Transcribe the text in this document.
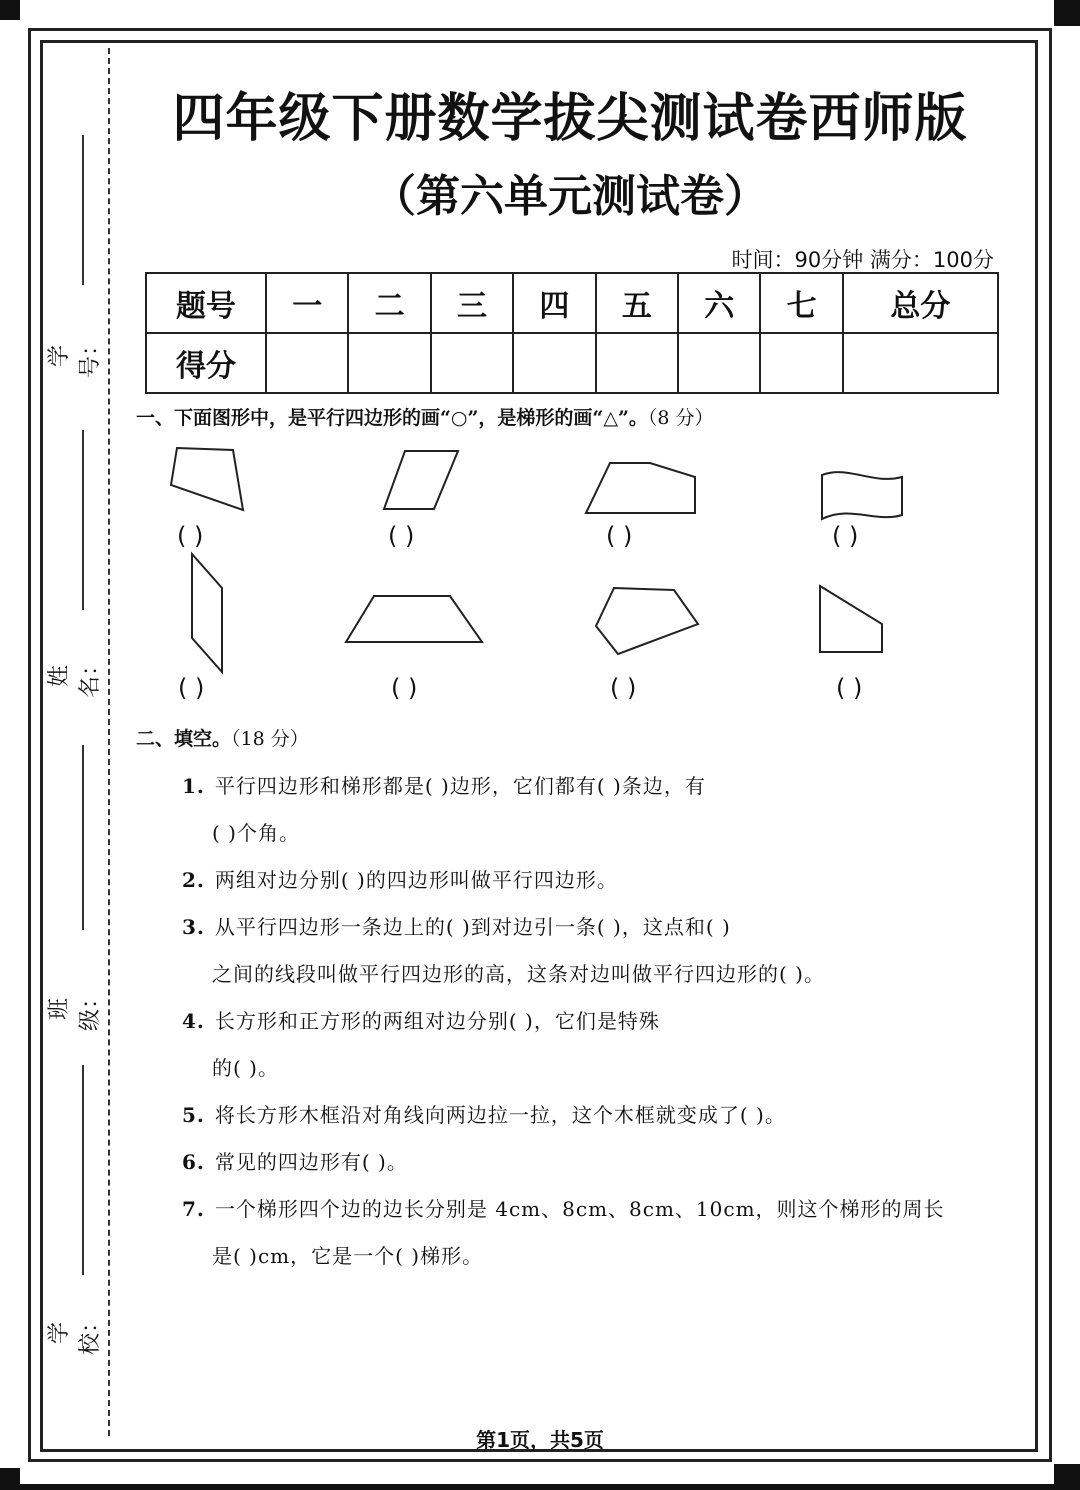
学号：
姓名：
班级：
学校：
四年级下册数学拔尖测试卷西师版
（第六单元测试卷）
时间：90分钟 满分：100分
题号	一	二	三	四	五	六	七	总分
得分								
一、下面图形中，是平行四边形的画“○”，是梯形的画“△”。（8 分）
( )	( )	( )	( )
( )	( )	( )	( )
二、填空。（18 分）
1. 平行四边形和梯形都是( )边形，它们都有( )条边，有
( )个角。
2. 两组对边分别( )的四边形叫做平行四边形。
3. 从平行四边形一条边上的( )到对边引一条( )，这点和( )
之间的线段叫做平行四边形的高，这条对边叫做平行四边形的( )。
4. 长方形和正方形的两组对边分别( )，它们是特殊
的( )。
5. 将长方形木框沿对角线向两边拉一拉，这个木框就变成了( )。
6. 常见的四边形有( )。
7. 一个梯形四个边的边长分别是 4cm、8cm、8cm、10cm，则这个梯形的周长
是( )cm，它是一个( )梯形。
第1页，共5页
